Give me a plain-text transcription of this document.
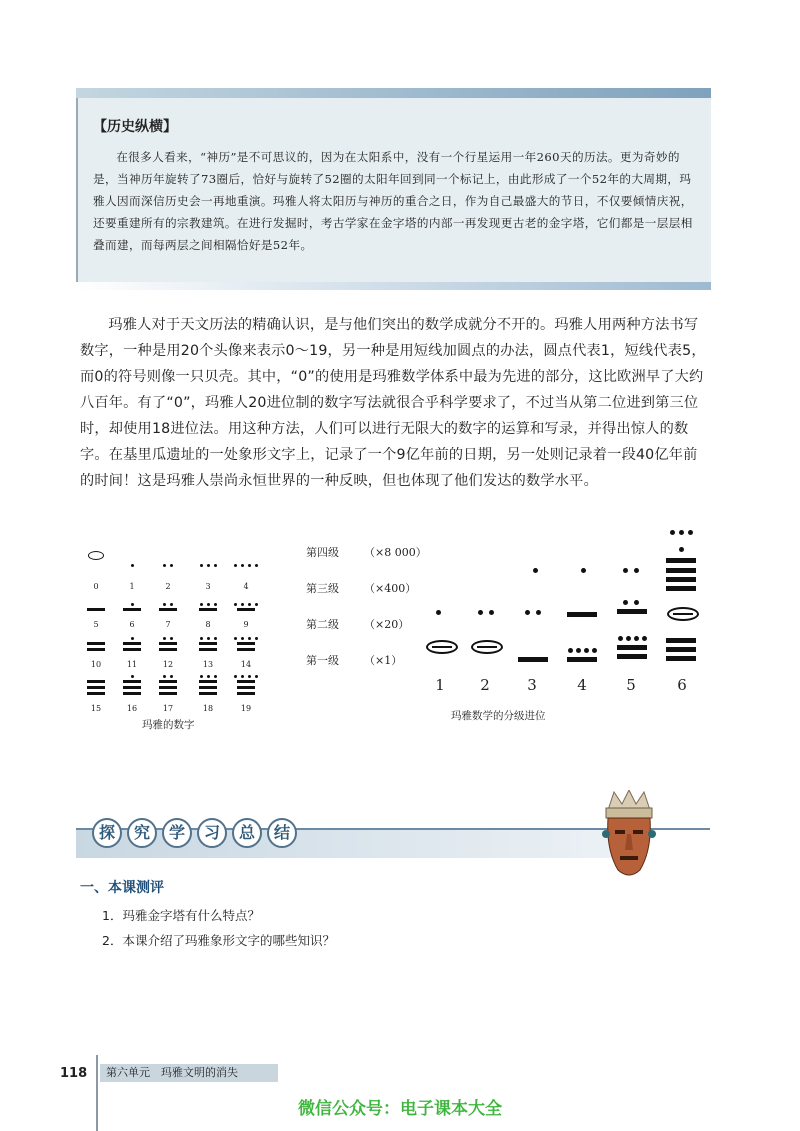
【历史纵横】

在很多人看来，“神历”是不可思议的，因为在太阳系中，没有一个行星运用一年260天的历法。更为奇妙的是，当神历年旋转了73圈后，恰好与旋转了52圈的太阳年回到同一个标记上，由此形成了一个52年的大周期，玛雅人因而深信历史会一再地重演。玛雅人将太阳历与神历的重合之日，作为自己最盛大的节日，不仅要倾情庆祝，还要重建所有的宗教建筑。在进行发掘时，考古学家在金字塔的内部一再发现更古老的金字塔，它们都是一层层相叠而建，而每两层之间相隔恰好是52年。

玛雅人对于天文历法的精确认识，是与他们突出的数学成就分不开的。玛雅人用两种方法书写数字，一种是用20个头像来表示0～19，另一种是用短线加圆点的办法，圆点代表1，短线代表5，而0的符号则像一只贝壳。其中，“0”的使用是玛雅数学体系中最为先进的部分，这比欧洲早了大约八百年。有了“0”，玛雅人20进位制的数字写法就很合乎科学要求了，不过当从第二位进到第三位时，却使用18进位法。用这种方法，人们可以进行无限大的数字的运算和写录，并得出惊人的数字。在基里瓜遗址的一处象形文字上，记录了一个9亿年前的日期，另一处则记录着一段40亿年前的时间！这是玛雅人崇尚永恒世界的一种反映，但也体现了他们发达的数学水平。

0	1	2	3	4
5	6	7	8	9
10	11	12	13	14
15	16	17	18	19
玛雅的数字
第四级 （×8 000）
第三级 （×400）
第二级 （×20）
第一级 （×1）
1	2	3	4	5	6
玛雅数学的分级进位
探	究	学	习	总	结
一、本课测评
1．玛雅金字塔有什么特点？
2．本课介绍了玛雅象形文字的哪些知识？
118	第六单元　玛雅文明的消失
微信公众号：电子课本大全
